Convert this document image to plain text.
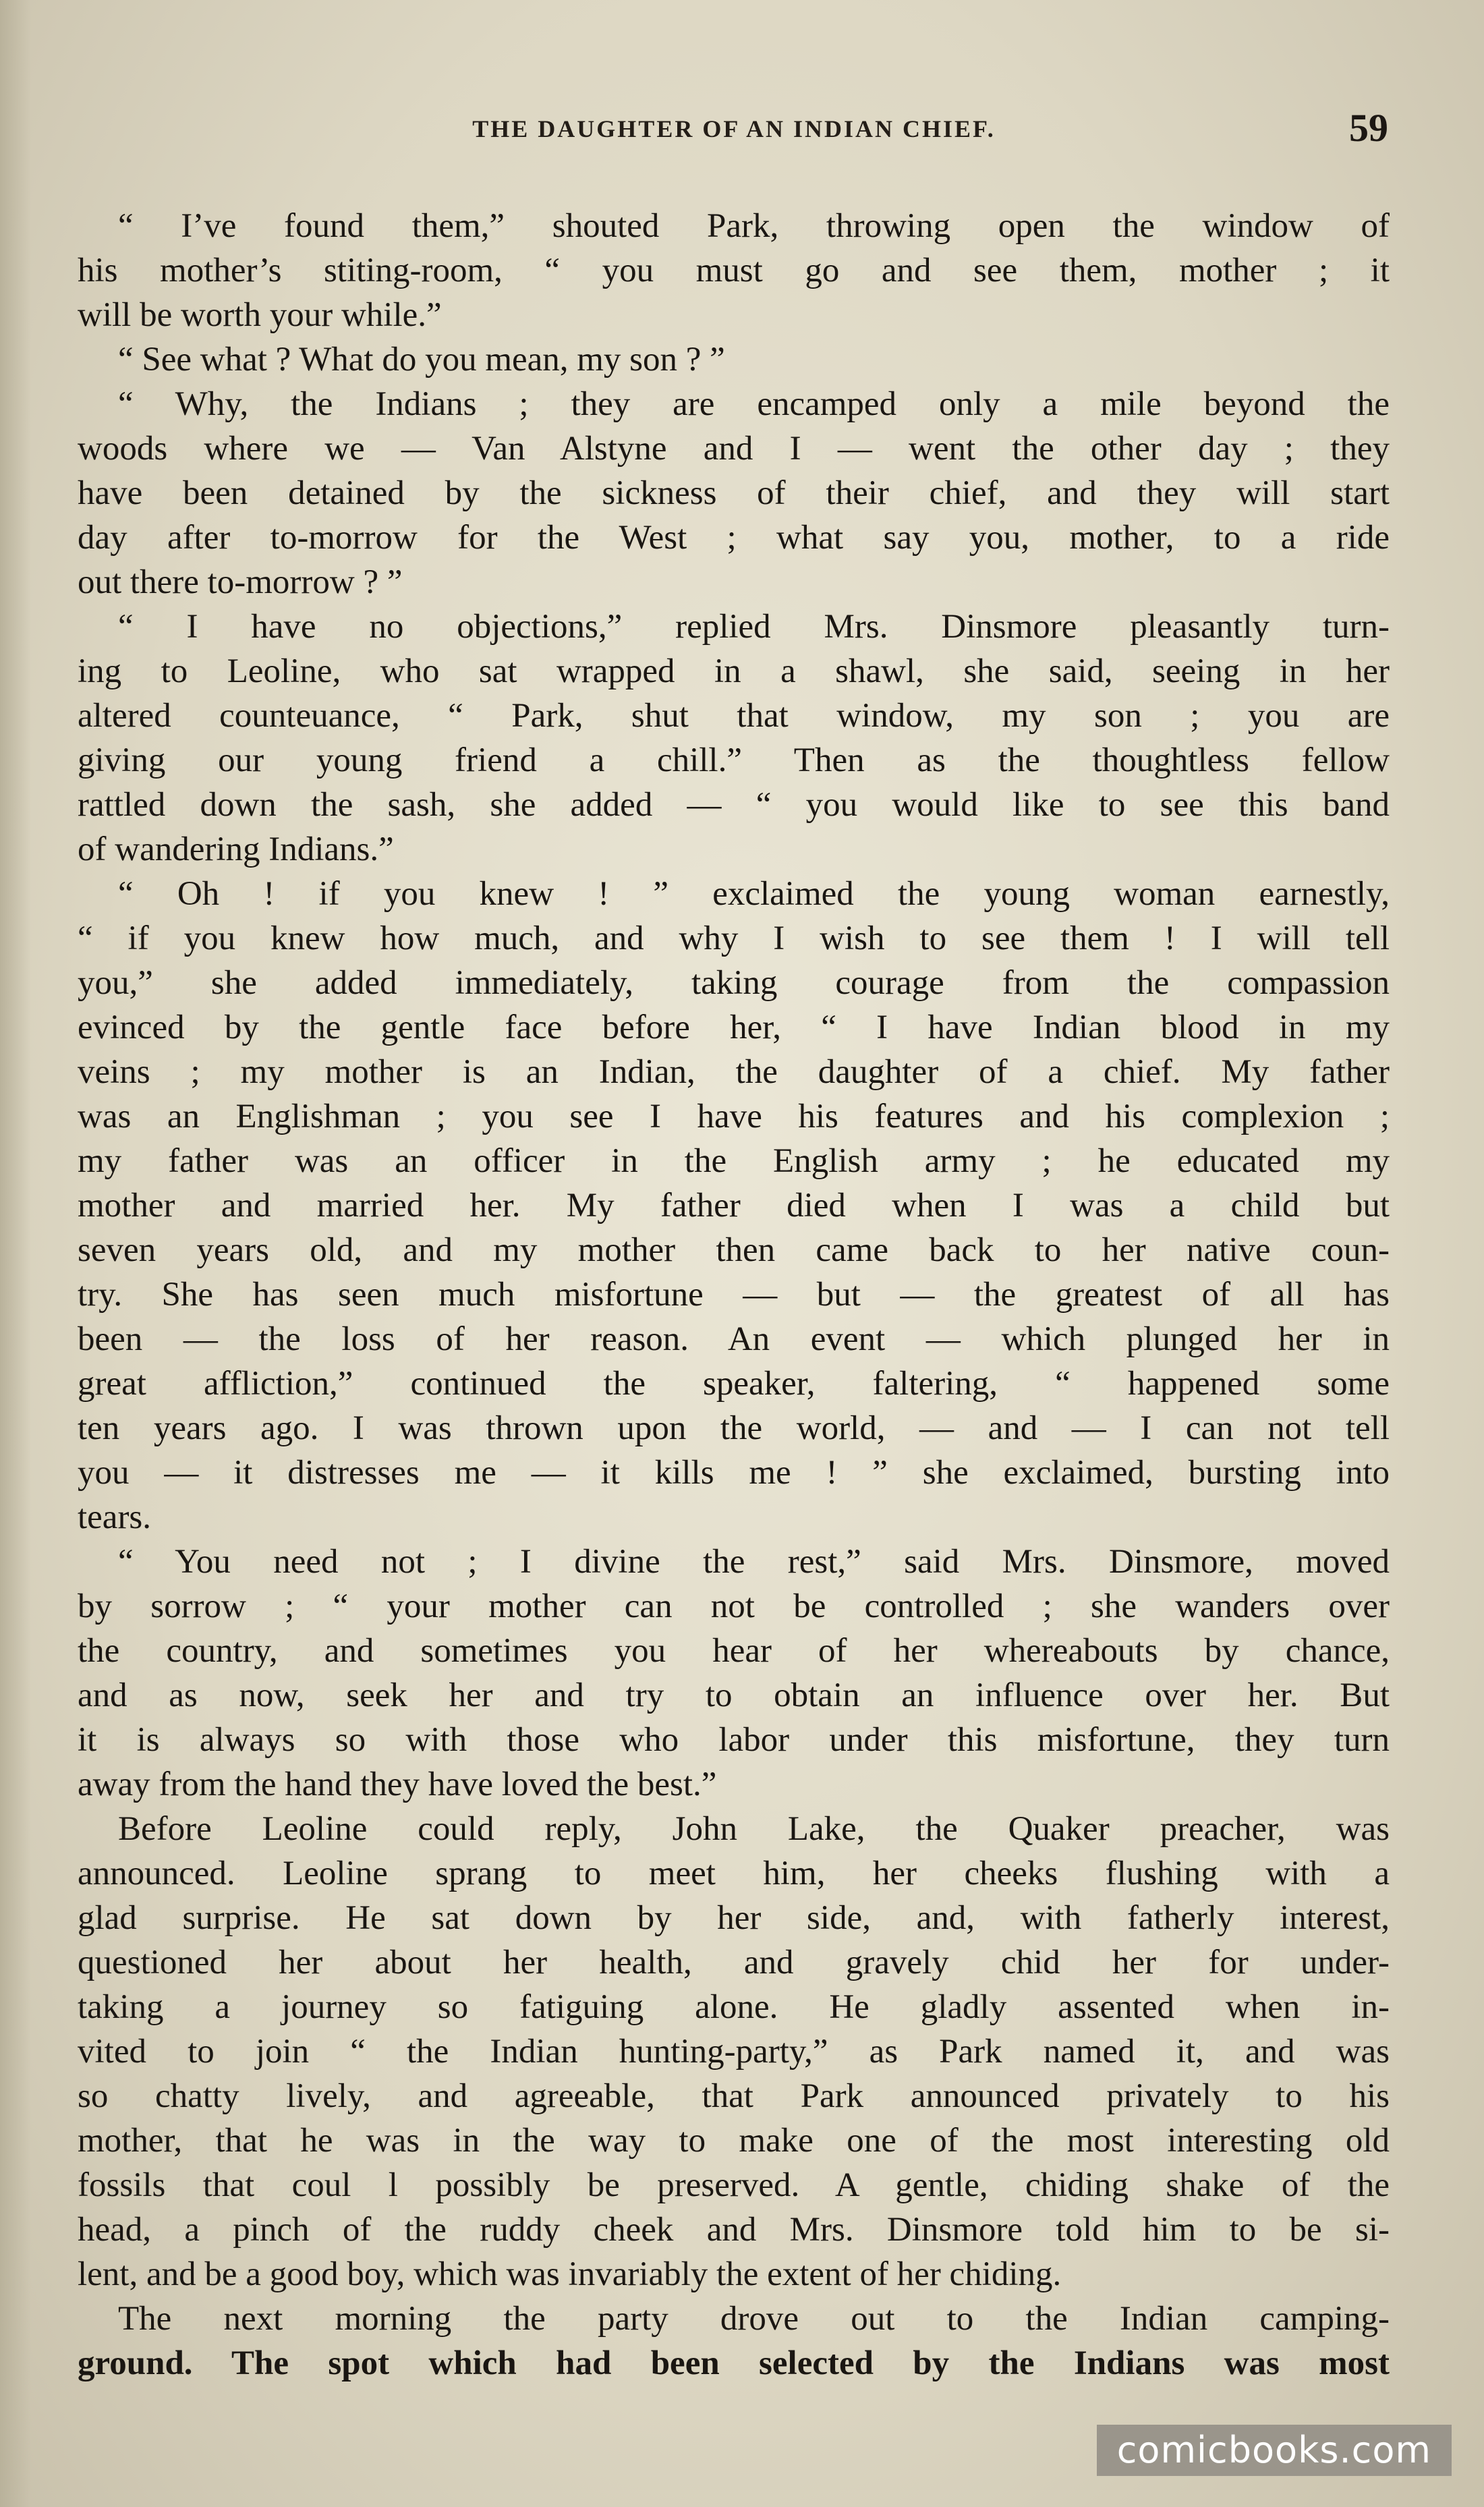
THE DAUGHTER OF AN INDIAN CHIEF.	59
“ I’ve found them,” shouted Park, throwing open the window of
his mother’s stiting-room, “ you must go and see them, mother ; it
will be worth your while.”
“ See what ? What do you mean, my son ? ”
“ Why, the Indians ; they are encamped only a mile beyond the
woods where we — Van Alstyne and I — went the other day ; they
have been detained by the sickness of their chief, and they will start
day after to-morrow for the West ; what say you, mother, to a ride
out there to-morrow ? ”
“ I have no objections,” replied Mrs. Dinsmore pleasantly turn-
ing to Leoline, who sat wrapped in a shawl, she said, seeing in her
altered counteuance, “ Park, shut that window, my son ; you are
giving our young friend a chill.” Then as the thoughtless fellow
rattled down the sash, she added — “ you would like to see this band
of wandering Indians.”
“ Oh ! if you knew ! ” exclaimed the young woman earnestly,
“ if you knew how much, and why I wish to see them ! I will tell
you,” she added immediately, taking courage from the compassion
evinced by the gentle face before her, “ I have Indian blood in my
veins ; my mother is an Indian, the daughter of a chief. My father
was an Englishman ; you see I have his features and his complexion ;
my father was an officer in the English army ; he educated my
mother and married her. My father died when I was a child but
seven years old, and my mother then came back to her native coun-
try. She has seen much misfortune — but — the greatest of all has
been — the loss of her reason. An event — which plunged her in
great affliction,” continued the speaker, faltering, “ happened some
ten years ago. I was thrown upon the world, — and — I can not tell
you — it distresses me — it kills me ! ” she exclaimed, bursting into
tears.
“ You need not ; I divine the rest,” said Mrs. Dinsmore, moved
by sorrow ; “ your mother can not be controlled ; she wanders over
the country, and sometimes you hear of her whereabouts by chance,
and as now, seek her and try to obtain an influence over her. But
it is always so with those who labor under this misfortune, they turn
away from the hand they have loved the best.”
Before Leoline could reply, John Lake, the Quaker preacher, was
announced. Leoline sprang to meet him, her cheeks flushing with a
glad surprise. He sat down by her side, and, with fatherly interest,
questioned her about her health, and gravely chid her for under-
taking a journey so fatiguing alone. He gladly assented when in-
vited to join “ the Indian hunting-party,” as Park named it, and was
so chatty lively, and agreeable, that Park announced privately to his
mother, that he was in the way to make one of the most interesting old
fossils that coul l possibly be preserved. A gentle, chiding shake of the
head, a pinch of the ruddy cheek and Mrs. Dinsmore told him to be si-
lent, and be a good boy, which was invariably the extent of her chiding.
The next morning the party drove out to the Indian camping-
ground. The spot which had been selected by the Indians was most
comicbooks.com
